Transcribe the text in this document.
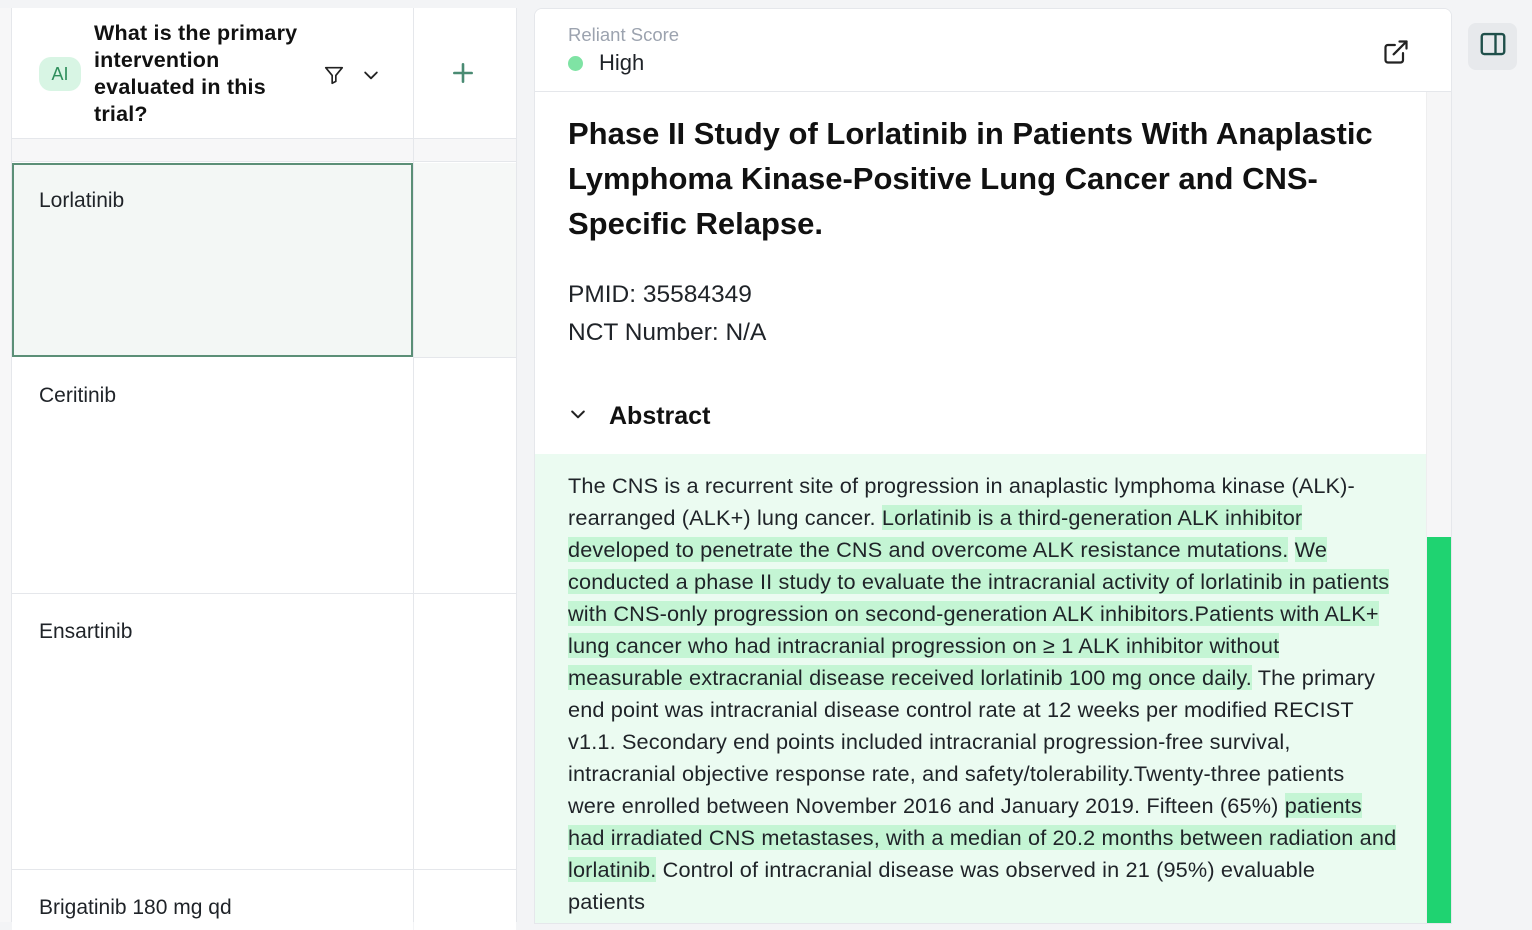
AI
What is the primary intervention evaluated in this trial?
Lorlatinib
Ceritinib
Ensartinib
Brigatinib 180 mg qd
Reliant Score
High
Phase II Study of Lorlatinib in Patients With Anaplastic Lymphoma Kinase-Positive Lung Cancer and CNS-Specific Relapse.
PMID: 35584349
NCT Number: N/A
Abstract
The CNS is a recurrent site of progression in anaplastic lymphoma kinase (ALK)-rearranged (ALK+) lung cancer. Lorlatinib is a third-generation ALK inhibitor developed to penetrate the CNS and overcome ALK resistance mutations. We conducted a phase II study to evaluate the intracranial activity of lorlatinib in patients with CNS-only progression on second-generation ALK inhibitors.Patients with ALK+ lung cancer who had intracranial progression on ≥ 1 ALK inhibitor without measurable extracranial disease received lorlatinib 100 mg once daily. The primary end point was intracranial disease control rate at 12 weeks per modified RECIST v1.1. Secondary end points included intracranial progression-free survival, intracranial objective response rate, and safety/tolerability.Twenty-three patients were enrolled between November 2016 and January 2019. Fifteen (65%) patients had irradiated CNS metastases, with a median of 20.2 months between radiation and lorlatinib. Control of intracranial disease was observed in 21 (95%) evaluable patients
